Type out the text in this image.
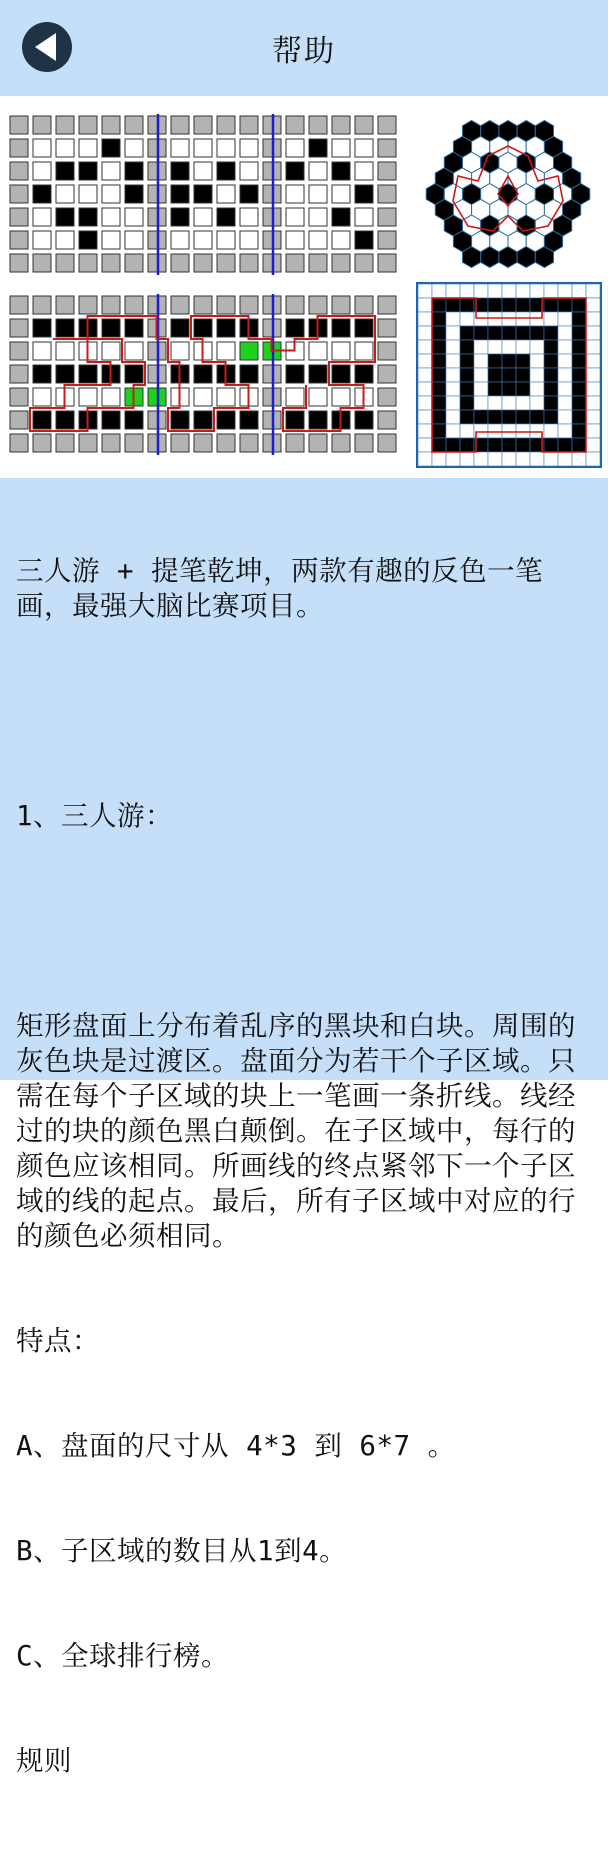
帮助

三人游 + 提笔乾坤，两款有趣的反色一笔画，最强大脑比赛项目。

1、三人游：

矩形盘面上分布着乱序的黑块和白块。周围的灰色块是过渡区。盘面分为若干个子区域。只需在每个子区域的块上一笔画一条折线。线经过的块的颜色黑白颠倒。在子区域中，每行的颜色应该相同。所画线的终点紧邻下一个子区域的线的起点。最后，所有子区域中对应的行的颜色必须相同。

特点：

A、盘面的尺寸从 4*3 到 6*7 。

B、子区域的数目从1到4。

C、全球排行榜。

规则
